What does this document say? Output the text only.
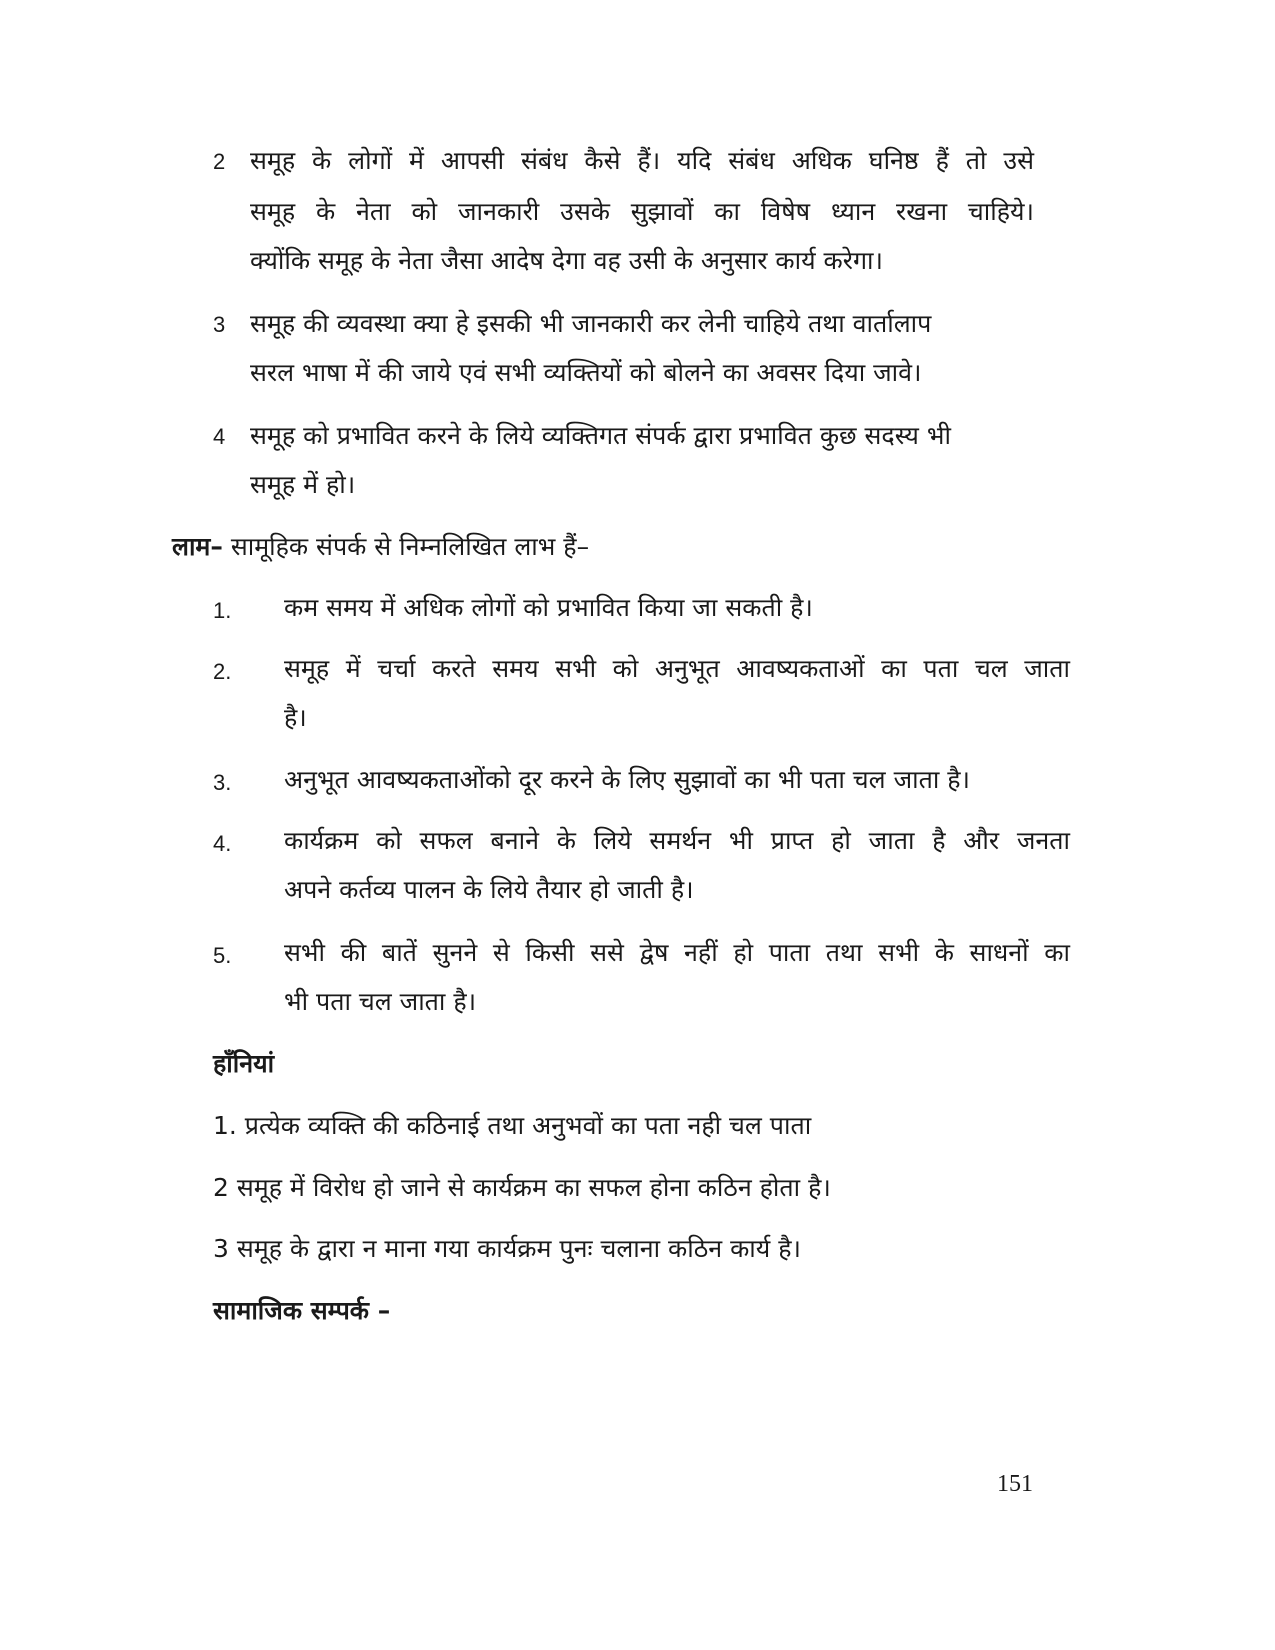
2 समूह के लोगों में आपसी संबंध कैसे हैं। यदि संबंध अधिक घनिष्ठ हैं तो उसे
समूह के नेता को जानकारी उसके सुझावों का विषेष ध्यान रखना चाहिये।
क्योंकि समूह के नेता जैसा आदेष देगा वह उसी के अनुसार कार्य करेगा।
3 समूह की व्यवस्था क्या हे इसकी भी जानकारी कर लेनी चाहिये तथा वार्तालाप
सरल भाषा में की जाये एवं सभी व्यक्तियों को बोलने का अवसर दिया जावे।
4 समूह को प्रभावित करने के लिये व्यक्तिगत संपर्क द्वारा प्रभावित कुछ सदस्य भी
समूह में हो।
लाम– सामूहिक संपर्क से निम्नलिखित लाभ हैं–
1. कम समय में अधिक लोगों को प्रभावित किया जा सकती है।
2. समूह में चर्चा करते समय सभी को अनुभूत आवष्यकताओं का पता चल जाता
है।
3. अनुभूत आवष्यकताओंको दूर करने के लिए सुझावों का भी पता चल जाता है।
4. कार्यक्रम को सफल बनाने के लिये समर्थन भी प्राप्त हो जाता है और जनता
अपने कर्तव्य पालन के लिये तैयार हो जाती है।
5. सभी की बातें सुनने से किसी ससे द्वेष नहीं हो पाता तथा सभी के साधनों का
भी पता चल जाता है।
हाँनियां
1. प्रत्येक व्यक्ति की कठिनाई तथा अनुभवों का पता नही चल पाता
2 समूह में विरोध हो जाने से कार्यक्रम का सफल होना कठिन होता है।
3 समूह के द्वारा न माना गया कार्यक्रम पुनः चलाना कठिन कार्य है।
सामाजिक सम्पर्क –
151
